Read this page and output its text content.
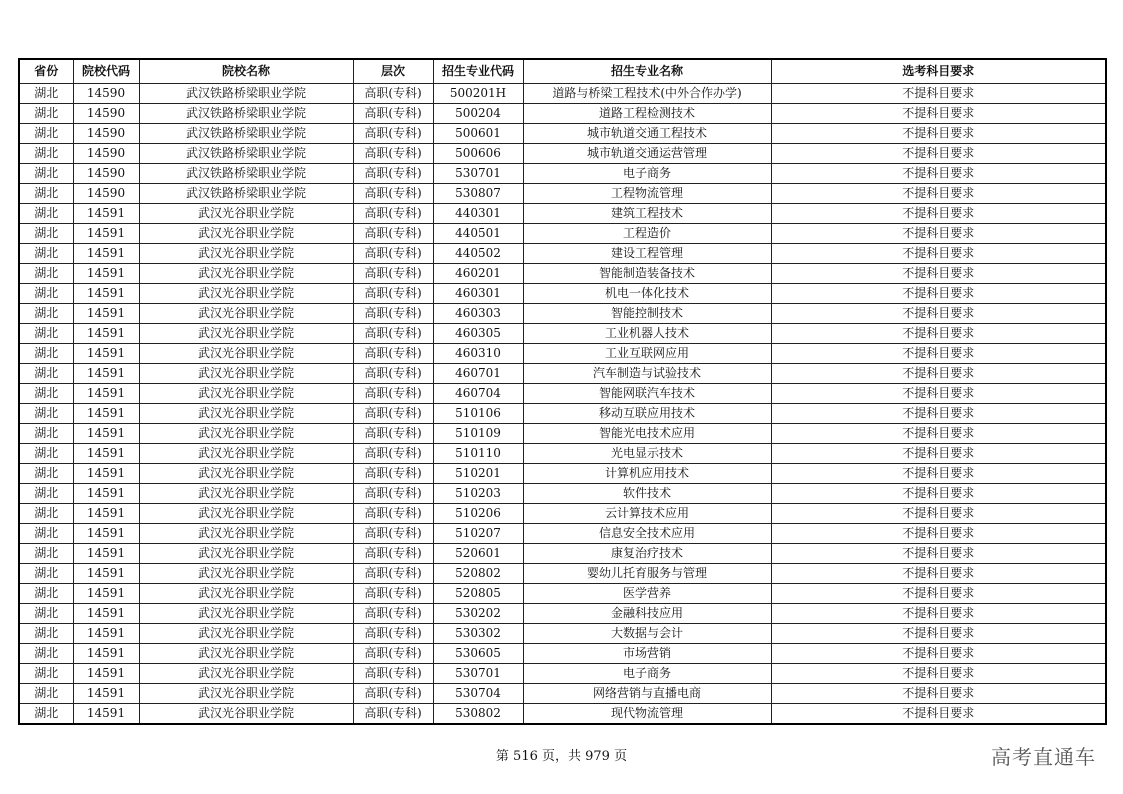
省份	院校代码	院校名称	层次	招生专业代码	招生专业名称	选考科目要求
湖北	14590	武汉铁路桥梁职业学院	高职(专科)	500201H	道路与桥梁工程技术(中外合作办学)	不提科目要求
湖北	14590	武汉铁路桥梁职业学院	高职(专科)	500204	道路工程检测技术	不提科目要求
湖北	14590	武汉铁路桥梁职业学院	高职(专科)	500601	城市轨道交通工程技术	不提科目要求
湖北	14590	武汉铁路桥梁职业学院	高职(专科)	500606	城市轨道交通运营管理	不提科目要求
湖北	14590	武汉铁路桥梁职业学院	高职(专科)	530701	电子商务	不提科目要求
湖北	14590	武汉铁路桥梁职业学院	高职(专科)	530807	工程物流管理	不提科目要求
湖北	14591	武汉光谷职业学院	高职(专科)	440301	建筑工程技术	不提科目要求
湖北	14591	武汉光谷职业学院	高职(专科)	440501	工程造价	不提科目要求
湖北	14591	武汉光谷职业学院	高职(专科)	440502	建设工程管理	不提科目要求
湖北	14591	武汉光谷职业学院	高职(专科)	460201	智能制造装备技术	不提科目要求
湖北	14591	武汉光谷职业学院	高职(专科)	460301	机电一体化技术	不提科目要求
湖北	14591	武汉光谷职业学院	高职(专科)	460303	智能控制技术	不提科目要求
湖北	14591	武汉光谷职业学院	高职(专科)	460305	工业机器人技术	不提科目要求
湖北	14591	武汉光谷职业学院	高职(专科)	460310	工业互联网应用	不提科目要求
湖北	14591	武汉光谷职业学院	高职(专科)	460701	汽车制造与试验技术	不提科目要求
湖北	14591	武汉光谷职业学院	高职(专科)	460704	智能网联汽车技术	不提科目要求
湖北	14591	武汉光谷职业学院	高职(专科)	510106	移动互联应用技术	不提科目要求
湖北	14591	武汉光谷职业学院	高职(专科)	510109	智能光电技术应用	不提科目要求
湖北	14591	武汉光谷职业学院	高职(专科)	510110	光电显示技术	不提科目要求
湖北	14591	武汉光谷职业学院	高职(专科)	510201	计算机应用技术	不提科目要求
湖北	14591	武汉光谷职业学院	高职(专科)	510203	软件技术	不提科目要求
湖北	14591	武汉光谷职业学院	高职(专科)	510206	云计算技术应用	不提科目要求
湖北	14591	武汉光谷职业学院	高职(专科)	510207	信息安全技术应用	不提科目要求
湖北	14591	武汉光谷职业学院	高职(专科)	520601	康复治疗技术	不提科目要求
湖北	14591	武汉光谷职业学院	高职(专科)	520802	婴幼儿托育服务与管理	不提科目要求
湖北	14591	武汉光谷职业学院	高职(专科)	520805	医学营养	不提科目要求
湖北	14591	武汉光谷职业学院	高职(专科)	530202	金融科技应用	不提科目要求
湖北	14591	武汉光谷职业学院	高职(专科)	530302	大数据与会计	不提科目要求
湖北	14591	武汉光谷职业学院	高职(专科)	530605	市场营销	不提科目要求
湖北	14591	武汉光谷职业学院	高职(专科)	530701	电子商务	不提科目要求
湖北	14591	武汉光谷职业学院	高职(专科)	530704	网络营销与直播电商	不提科目要求
湖北	14591	武汉光谷职业学院	高职(专科)	530802	现代物流管理	不提科目要求
第 516 页，共 979 页	高考直通车
